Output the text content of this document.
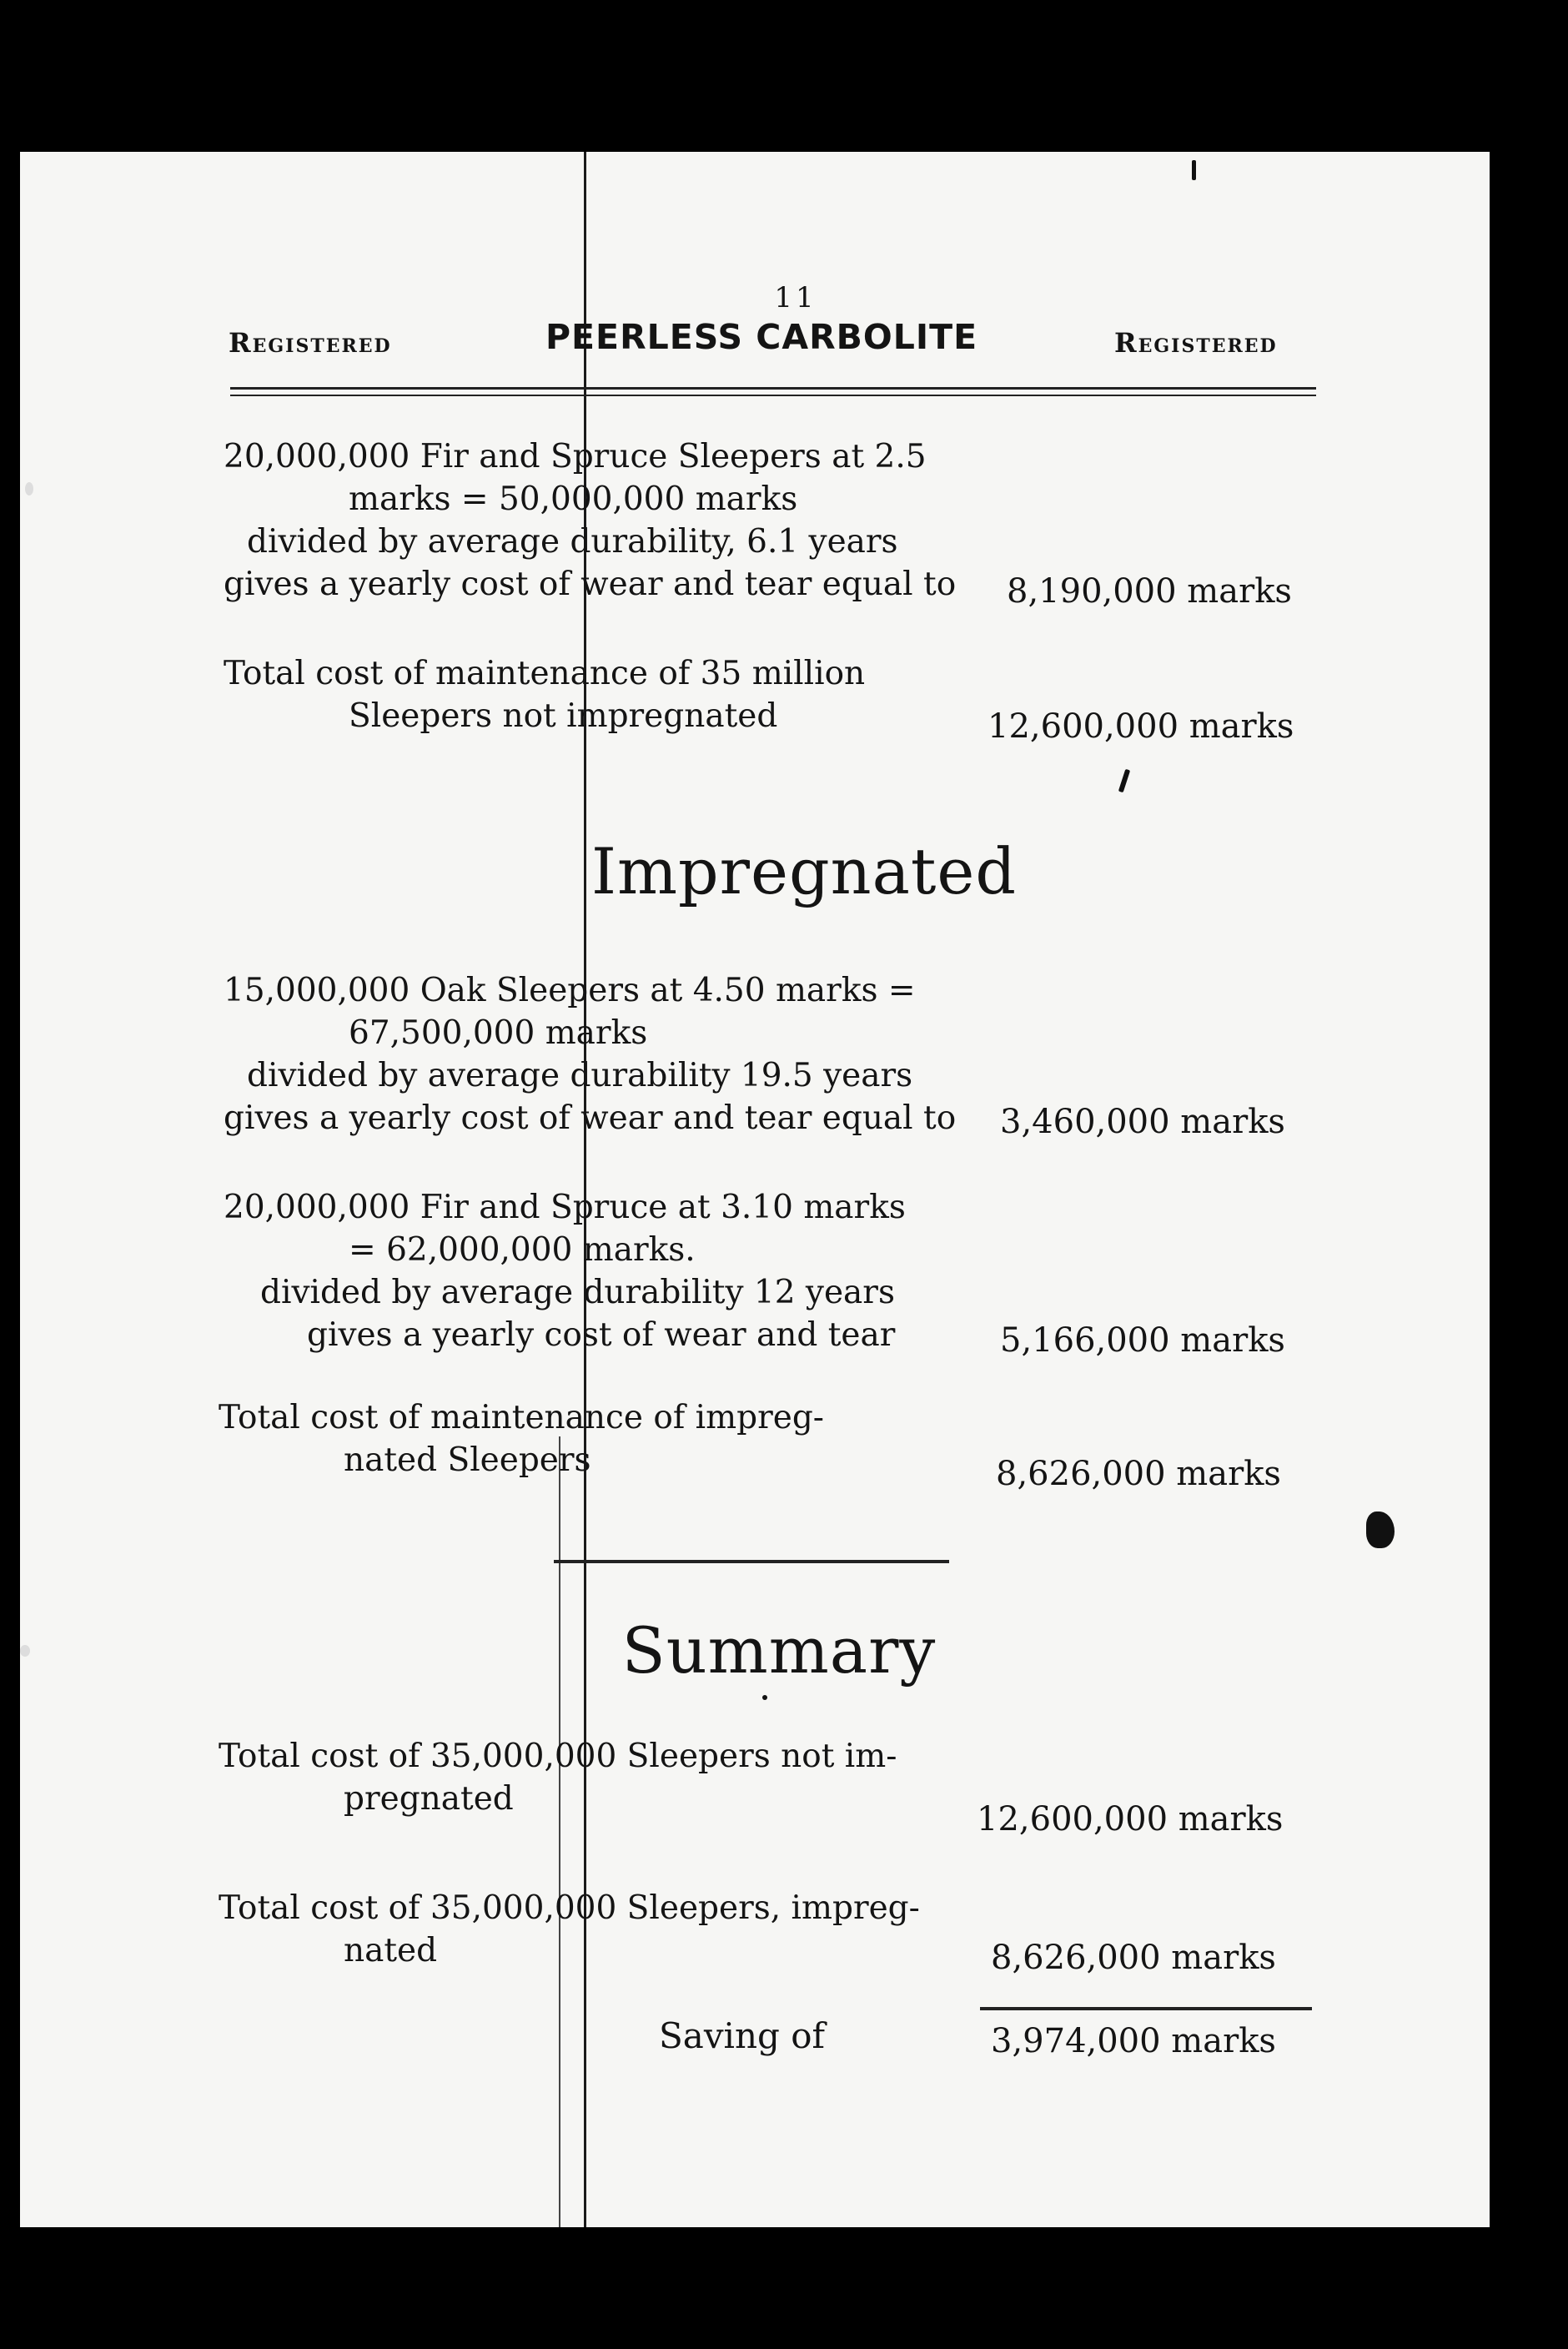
11
Registered	PEERLESS CARBOLITE	Registered
20,000,000 Fir and Spruce Sleepers at 2.5
marks = 50,000,000 marks
divided by average durability, 6.1 years
gives a yearly cost of wear and tear equal to 8,190,000 marks
Total cost of maintenance of 35 million
Sleepers not impregnated	12,600,000 marks
Impregnated
15,000,000 Oak Sleepers at 4.50 marks =
67,500,000 marks
divided by average durability 19.5 years
gives a yearly cost of wear and tear equal to 3,460,000 marks
20,000,000 Fir and Spruce at 3.10 marks
= 62,000,000 marks.
divided by average durability 12 years
gives a yearly cost of wear and tear	5,166,000 marks
Total cost of maintenance of impreg-
nated Sleepers	8,626,000 marks
Summary
Total cost of 35,000,000 Sleepers not im-
pregnated
12,600,000 marks
Total cost of 35,000,000 Sleepers, impreg-
nated	8,626,000 marks
Saving of	3,974,000 marks
